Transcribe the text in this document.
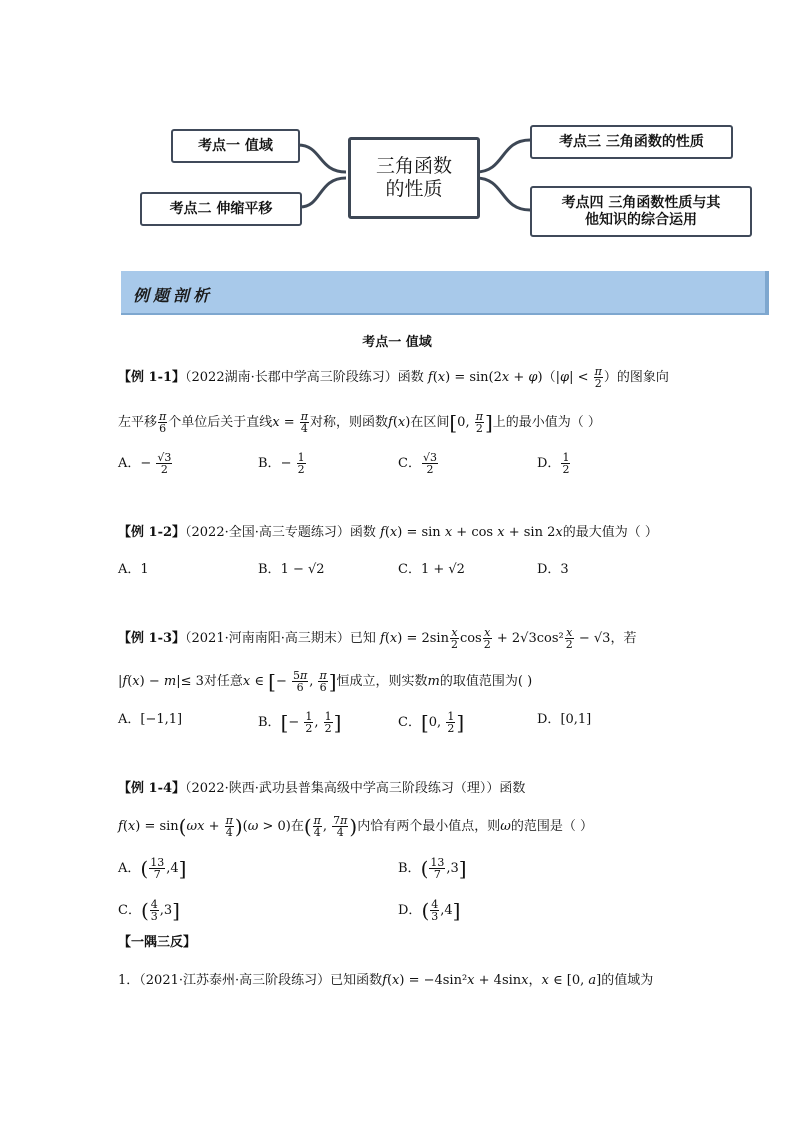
考点一 值域
考点二 伸缩平移
三角函数
的性质
考点三 三角函数的性质
考点四 三角函数性质与其
他知识的综合运用
例题剖析
考点一 值域
【例 1-1】（2022湖南·长郡中学高三阶段练习）函数 $f(x) = \sin(2x + \varphi)(|\varphi| < \frac{\pi}{2}$ ）的图象向
左平移 $\frac{\pi}{6}$ 个单位后关于直线$x = \frac{\pi}{4}$ 对称，则函数f(x)在区间[0, $\frac{\pi}{2}$ ]上的最小值为（ ）
A．− $\frac{√3}{2}$	B．− $\frac{1}{2}$	C． $\frac{√3}{2}$	D． $\frac{1}{2}$
【例 1-2】（2022·全国·高三专题练习）函数 f(x) = sin x + cos x + sin 2x的最大值为（ ）
A．1	B．1 − √2	C．1 + √2	D．3
【例 1-3】（2021·河南南阳·高三期末）已知 $f(x) = 2\sin \frac{x}{2}$ $\cos \frac{x}{2} + 2√3\cos^2 \frac{x}{2} - √3$，若
|f(x) − m|≤ 3对任意x ∈ [− $\frac{5\pi}{6}$ , $\frac{\pi}{6}$ ]恒成立，则实数m的取值范围为( )
A．[−1,1]	B．[− $\frac{1}{2}$ , $\frac{1}{2}$ ]	C．[0, $\frac{1}{2}$ ]	D．[0,1]
【例 1-4】（2022·陕西·武功县普集高级中学高三阶段练习（理））函数
$f(x) = \sin(\omega x + \frac{\pi}{4} )(\omega > 0)$在( $\frac{\pi}{4}$ , $\frac{7\pi}{4}$ )内恰有两个最小值点，则ω的范围是（ ）
A．( $\frac{13}{7} ,4$]	B．( $\frac{13}{7} ,3$]
C．( $\frac{4}{3} ,3$]	D．( $\frac{4}{3} ,4$]
【一隅三反】
1．（2021·江苏泰州·高三阶段练习）已知函数f(x) = −4sin²x + 4sinx，x ∈ [0, a]的值域为
